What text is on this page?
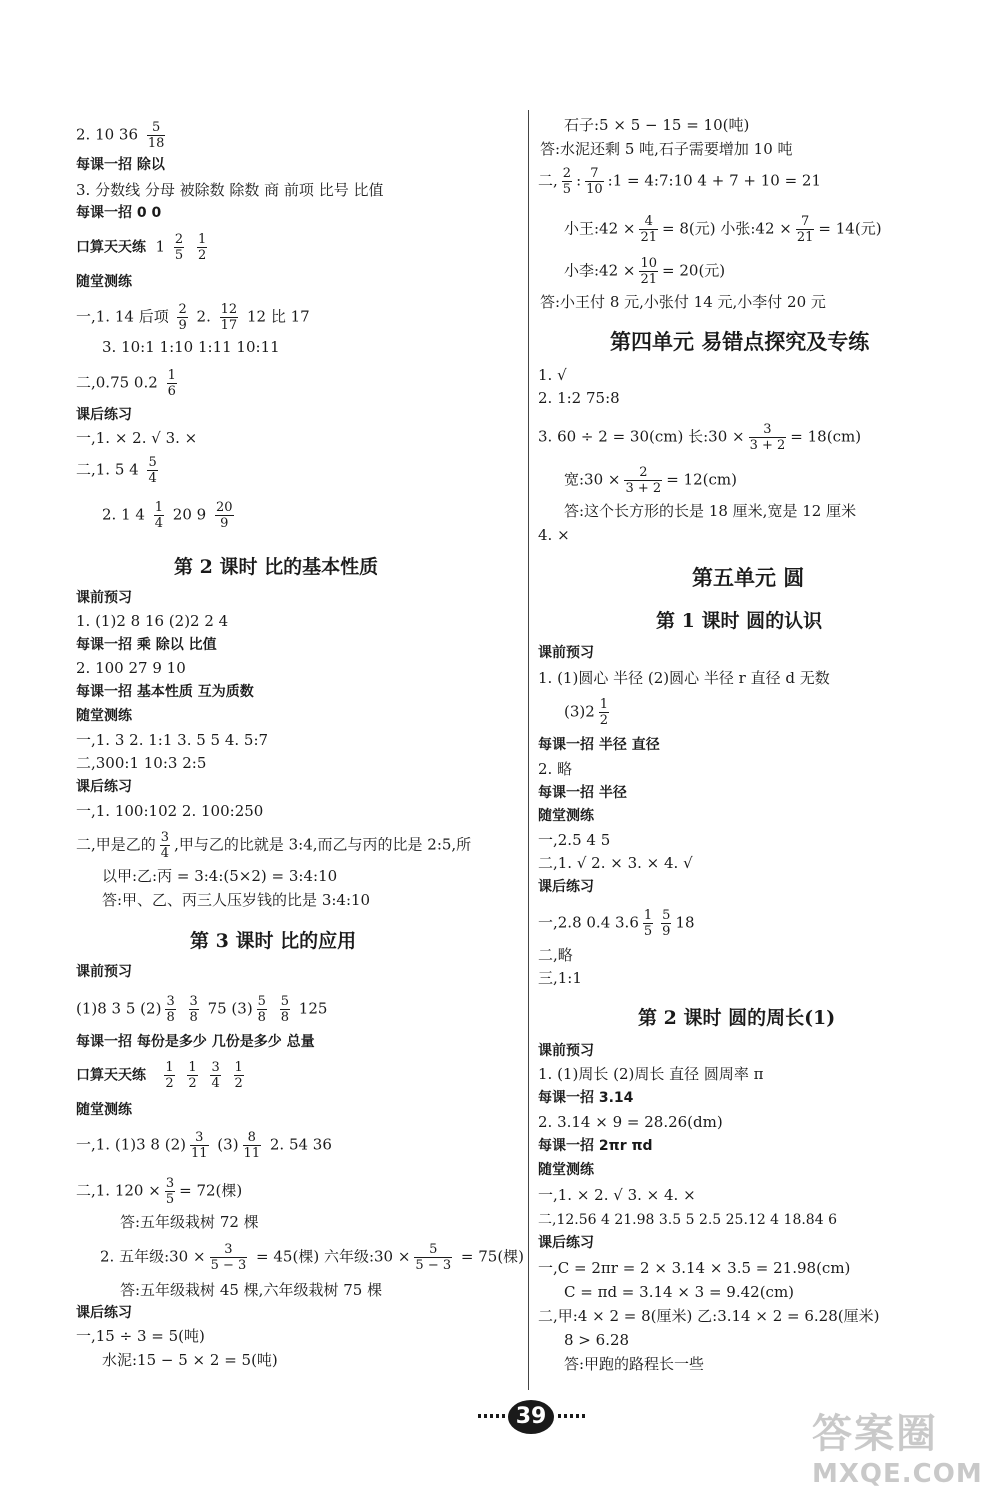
2. 10 $36 \frac{5}{18}$
每课一招 除以
3. 分数线 分母 被除数 除数 商 前项 比号 比值
每课一招 0 0
口算天天练 $1 \frac{2}{5}$
$\frac{1}{2}$
随堂测练
一,1. 14 后项 $\frac{2}{9} 2$. $\frac{12}{17} 12$ 比 17
3. 10:1 1:10 1:11 10:11
二,0.75 $0.2 \frac{1}{6}$
课后练习
一,1. × 2. √ 3. ×
二,1. 5 $4 \frac{5}{4}$
2. 1 $4 \frac{1}{4} 20$ $9 \frac{20}{9}$
第 2 课时 比的基本性质
课前预习
1. (1)2 8 16 (2)2 2 4
每课一招 乘 除以 比值
2. 100 27 9 10
每课一招 基本性质 互为质数
随堂测练
一,1. 3 2. 1:1 3. 5 5 4. 5:7
二,300:1 10:3 2:5
课后练习
一,1. 100:102 2. 100:250
二,甲是乙的 $\frac{3}{4}$ ,甲与乙的比就是 3:4,而乙与丙的比是 2:5,所
以甲:乙:丙 = 3:4:(5×2) = 3:4:10
答:甲、乙、丙三人压岁钱的比是 3:4:10
第 3 课时 比的应用
课前预习
(1)8 3 5 $(2) \frac{3}{8}$
$\frac{3}{8} 75$ $(3) \frac{5}{8}$
$\frac{5}{8} 125$
每课一招 每份是多少 几份是多少 总量
口算天天练 $\frac{1}{2}$
$\frac{1}{2}$
$\frac{3}{4}$
$\frac{1}{2}$
随堂测练
一,1. (1)3 8 $(2) \frac{3}{11} (3) \frac{8}{11} 2$. 54 36
二,1. $120 \times \frac{3}{5} = 72$(棵)
答:五年级栽树 72 棵
2. 五年级:30 × $\frac{3}{5 - 3} = 45$(棵) 六年级:30 × $\frac{5}{5 - 3} = 75$(棵)
答:五年级栽树 45 棵,六年级栽树 75 棵
课后练习
一,15 ÷ 3 = 5(吨)
水泥:15 − 5 × 2 = 5(吨)
石子:5 × 5 − 15 = 10(吨)
答:水泥还剩 5 吨,石子需要增加 10 吨
二, $\frac{2}{5}$ : $\frac{7}{10}$ :1 = 4:7:10 4 + 7 + 10 = 21
小王:42 × $\frac{4}{21} = 8$(元) 小张:42 × $\frac{7}{21} = 14$(元)
小李:42 × $\frac{10}{21} = 20$(元)
答:小王付 8 元,小张付 14 元,小李付 20 元
第四单元 易错点探究及专练
1. √
2. 1:2 75:8
3. 60 ÷ 2 = 30(cm) 长:30 × $\frac{3}{3 + 2} = 18(cm)$
宽:30 × $\frac{2}{3 + 2} = 12(cm)$
答:这个长方形的长是 18 厘米,宽是 12 厘米
4. ×
第五单元 圆
第 1 课时 圆的认识
课前预习
1. (1)圆心 半径 (2)圆心 半径 r 直径 d 无数
$(3)2 \frac{1}{2}$
每课一招 半径 直径
2. 略
每课一招 半径
随堂测练
一,2.5 4 5
二,1. √ 2. × 3. × 4. √
课后练习
一,2.8 0.4 $3.6 \frac{1}{5} \frac{5}{9} 18$
二,略
三,1:1
第 2 课时 圆的周长(1)
课前预习
1. (1)周长 (2)周长 直径 圆周率 π
每课一招 3.14
2. 3.14 × 9 = 28.26(dm)
每课一招 2πr πd
随堂测练
一,1. × 2. √ 3. × 4. ×
二,12.56 4 21.98 3.5 5 2.5 25.12 4 18.84 6
课后练习
一,C = 2πr = 2 × 3.14 × 3.5 = 21.98(cm)
C = πd = 3.14 × 3 = 9.42(cm)
二,甲:4 × 2 = 8(厘米) 乙:3.14 × 2 = 6.28(厘米)
8 > 6.28
答:甲跑的路程长一些
39	答案圈
MXQE.COM
